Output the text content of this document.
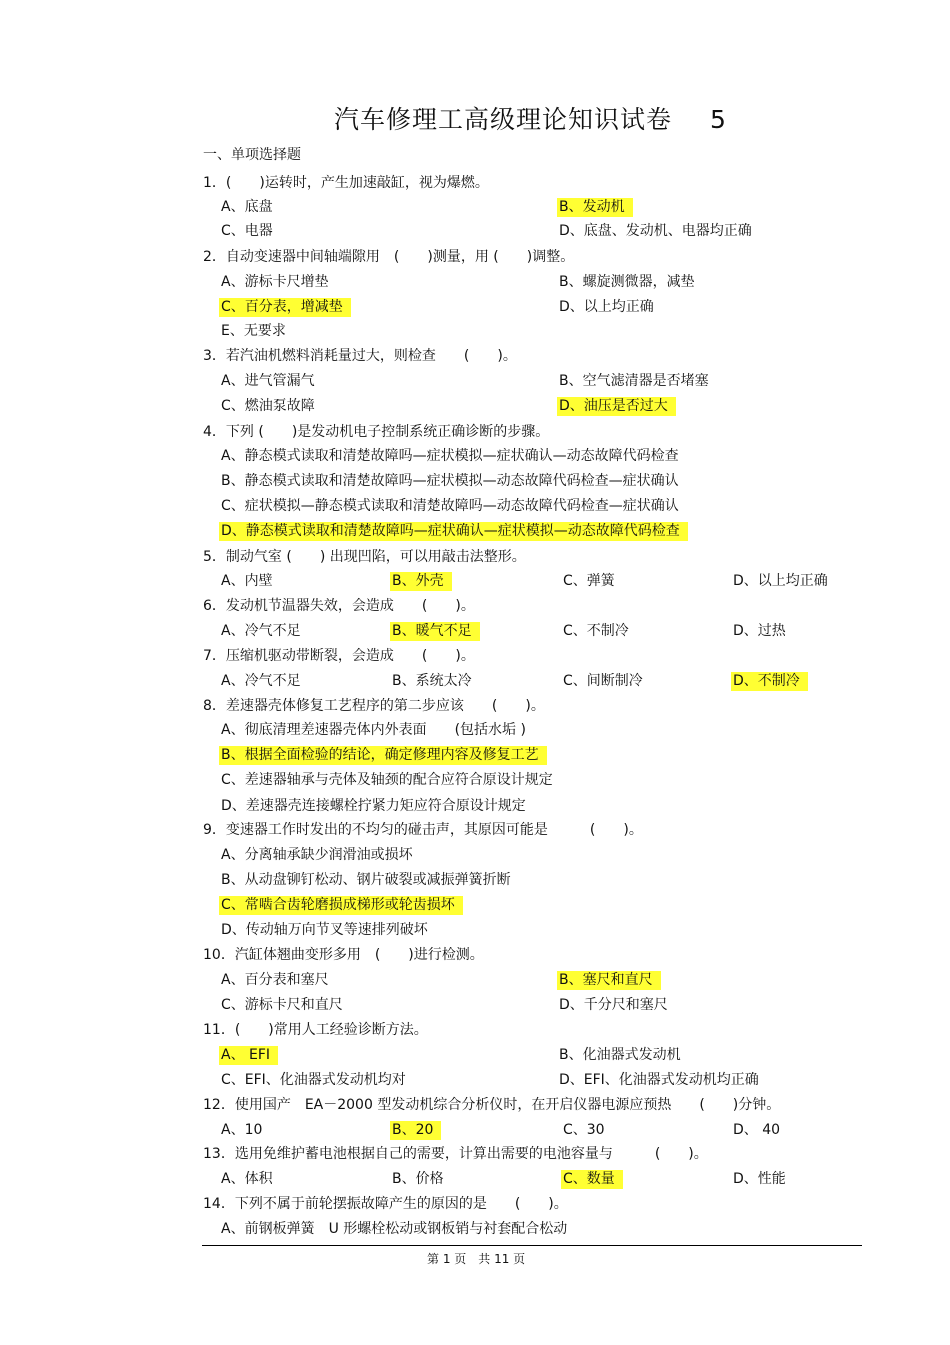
汽车修理工高级理论知识试卷 5
一、单项选择题
1．(　　)运转时，产生加速敲缸，视为爆燃。
A、底盘	B、发动机
C、电器	D、底盘、发动机、电器均正确
2．自动变速器中间轴端隙用　(　　)测量，用 (　　)调整。
A、游标卡尺增垫	B、螺旋测微器，减垫
C、百分表，增减垫	D、以上均正确
E、无要求
3．若汽油机燃料消耗量过大，则检查　　(　　)。
A、进气管漏气	B、空气滤清器是否堵塞
C、燃油泵故障	D、油压是否过大
4．下列 (　　)是发动机电子控制系统正确诊断的步骤。
A、静态模式读取和清楚故障吗—症状模拟—症状确认—动态故障代码检查
B、静态模式读取和清楚故障吗—症状模拟—动态故障代码检查—症状确认
C、症状模拟—静态模式读取和清楚故障吗—动态故障代码检查—症状确认
D、静态模式读取和清楚故障吗—症状确认—症状模拟—动态故障代码检查
5．制动气室 (　　) 出现凹陷，可以用敲击法整形。
A、内壁	B、外壳	C、弹簧	D、以上均正确
6．发动机节温器失效，会造成　　(　　)。
A、冷气不足	B、暖气不足	C、不制冷	D、过热
7．压缩机驱动带断裂，会造成　　(　　)。
A、冷气不足	B、系统太冷	C、间断制冷	D、不制冷
8．差速器壳体修复工艺程序的第二步应该　　(　　)。
A、彻底清理差速器壳体内外表面　　(包括水垢 )
B、根据全面检验的结论，确定修理内容及修复工艺
C、差速器轴承与壳体及轴颈的配合应符合原设计规定
D、差速器壳连接螺栓拧紧力矩应符合原设计规定
9．变速器工作时发出的不均匀的碰击声，其原因可能是　　　(　　)。
A、分离轴承缺少润滑油或损坏
B、从动盘铆钉松动、钢片破裂或减振弹簧折断
C、常啮合齿轮磨损成梯形或轮齿损坏
D、传动轴万向节叉等速排列破坏
10．汽缸体翘曲变形多用　(　　)进行检测。
A、百分表和塞尺	B、塞尺和直尺
C、游标卡尺和直尺	D、千分尺和塞尺
11．(　　)常用人工经验诊断方法。
A、 EFI	B、化油器式发动机
C、EFI、化油器式发动机均对	D、EFI、化油器式发动机均正确
12．使用国产　EA－2000 型发动机综合分析仪时，在开启仪器电源应预热　　(　　)分钟。
A、10	B、20	C、30	D、 40
13．选用免维护蓄电池根据自己的需要，计算出需要的电池容量与　　　(　　)。
A、体积	B、价格	C、数量	D、性能
14．下列不属于前轮摆振故障产生的原因的是　　(　　)。
A、前钢板弹簧　U 形螺栓松动或钢板销与衬套配合松动
第 1 页　共 11 页
